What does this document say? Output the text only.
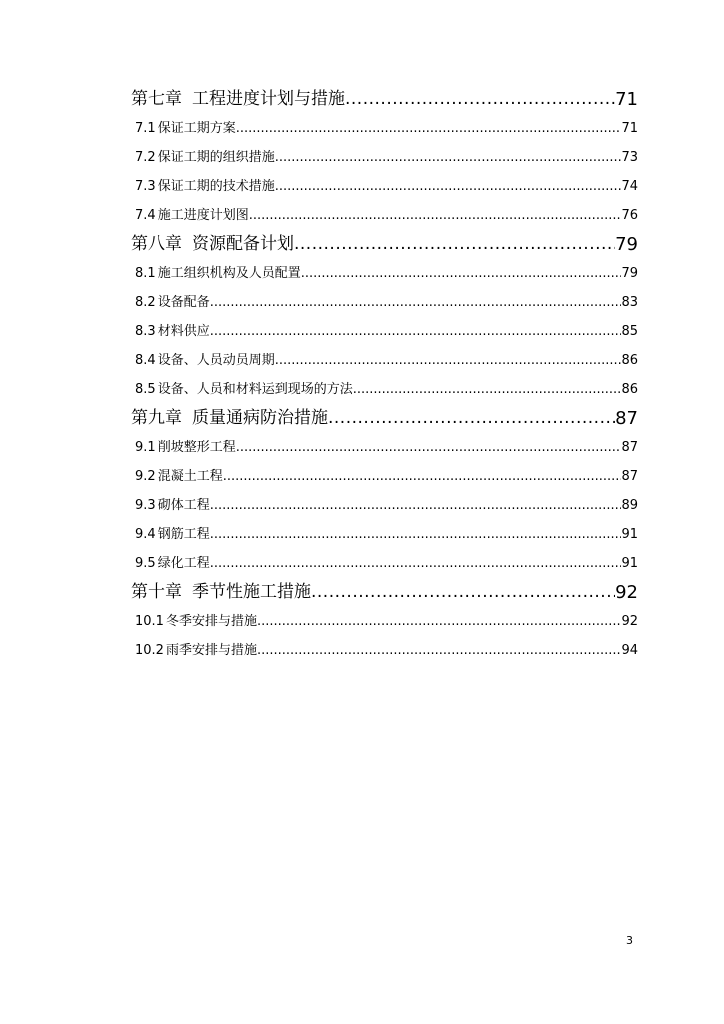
第七章 工程进度计划与措施 .....	71
7.1 保证工期方案 .....	71
7.2 保证工期的组织措施 .....	73
7.3 保证工期的技术措施 .....	74
7.4 施工进度计划图 .....	76
第八章 资源配备计划 .....	79
8.1 施工组织机构及人员配置 .....	79
8.2 设备配备 .....	83
8.3 材料供应 .....	85
8.4 设备、人员动员周期 .....	86
8.5 设备、人员和材料运到现场的方法 .....	86
第九章 质量通病防治措施 .....	87
9.1 削坡整形工程 .....	87
9.2 混凝土工程 .....	87
9.3 砌体工程 .....	89
9.4 钢筋工程 .....	91
9.5 绿化工程 .....	91
第十章 季节性施工措施 .....	92
10.1 冬季安排与措施 .....	92
10.2 雨季安排与措施 .....	94
3
